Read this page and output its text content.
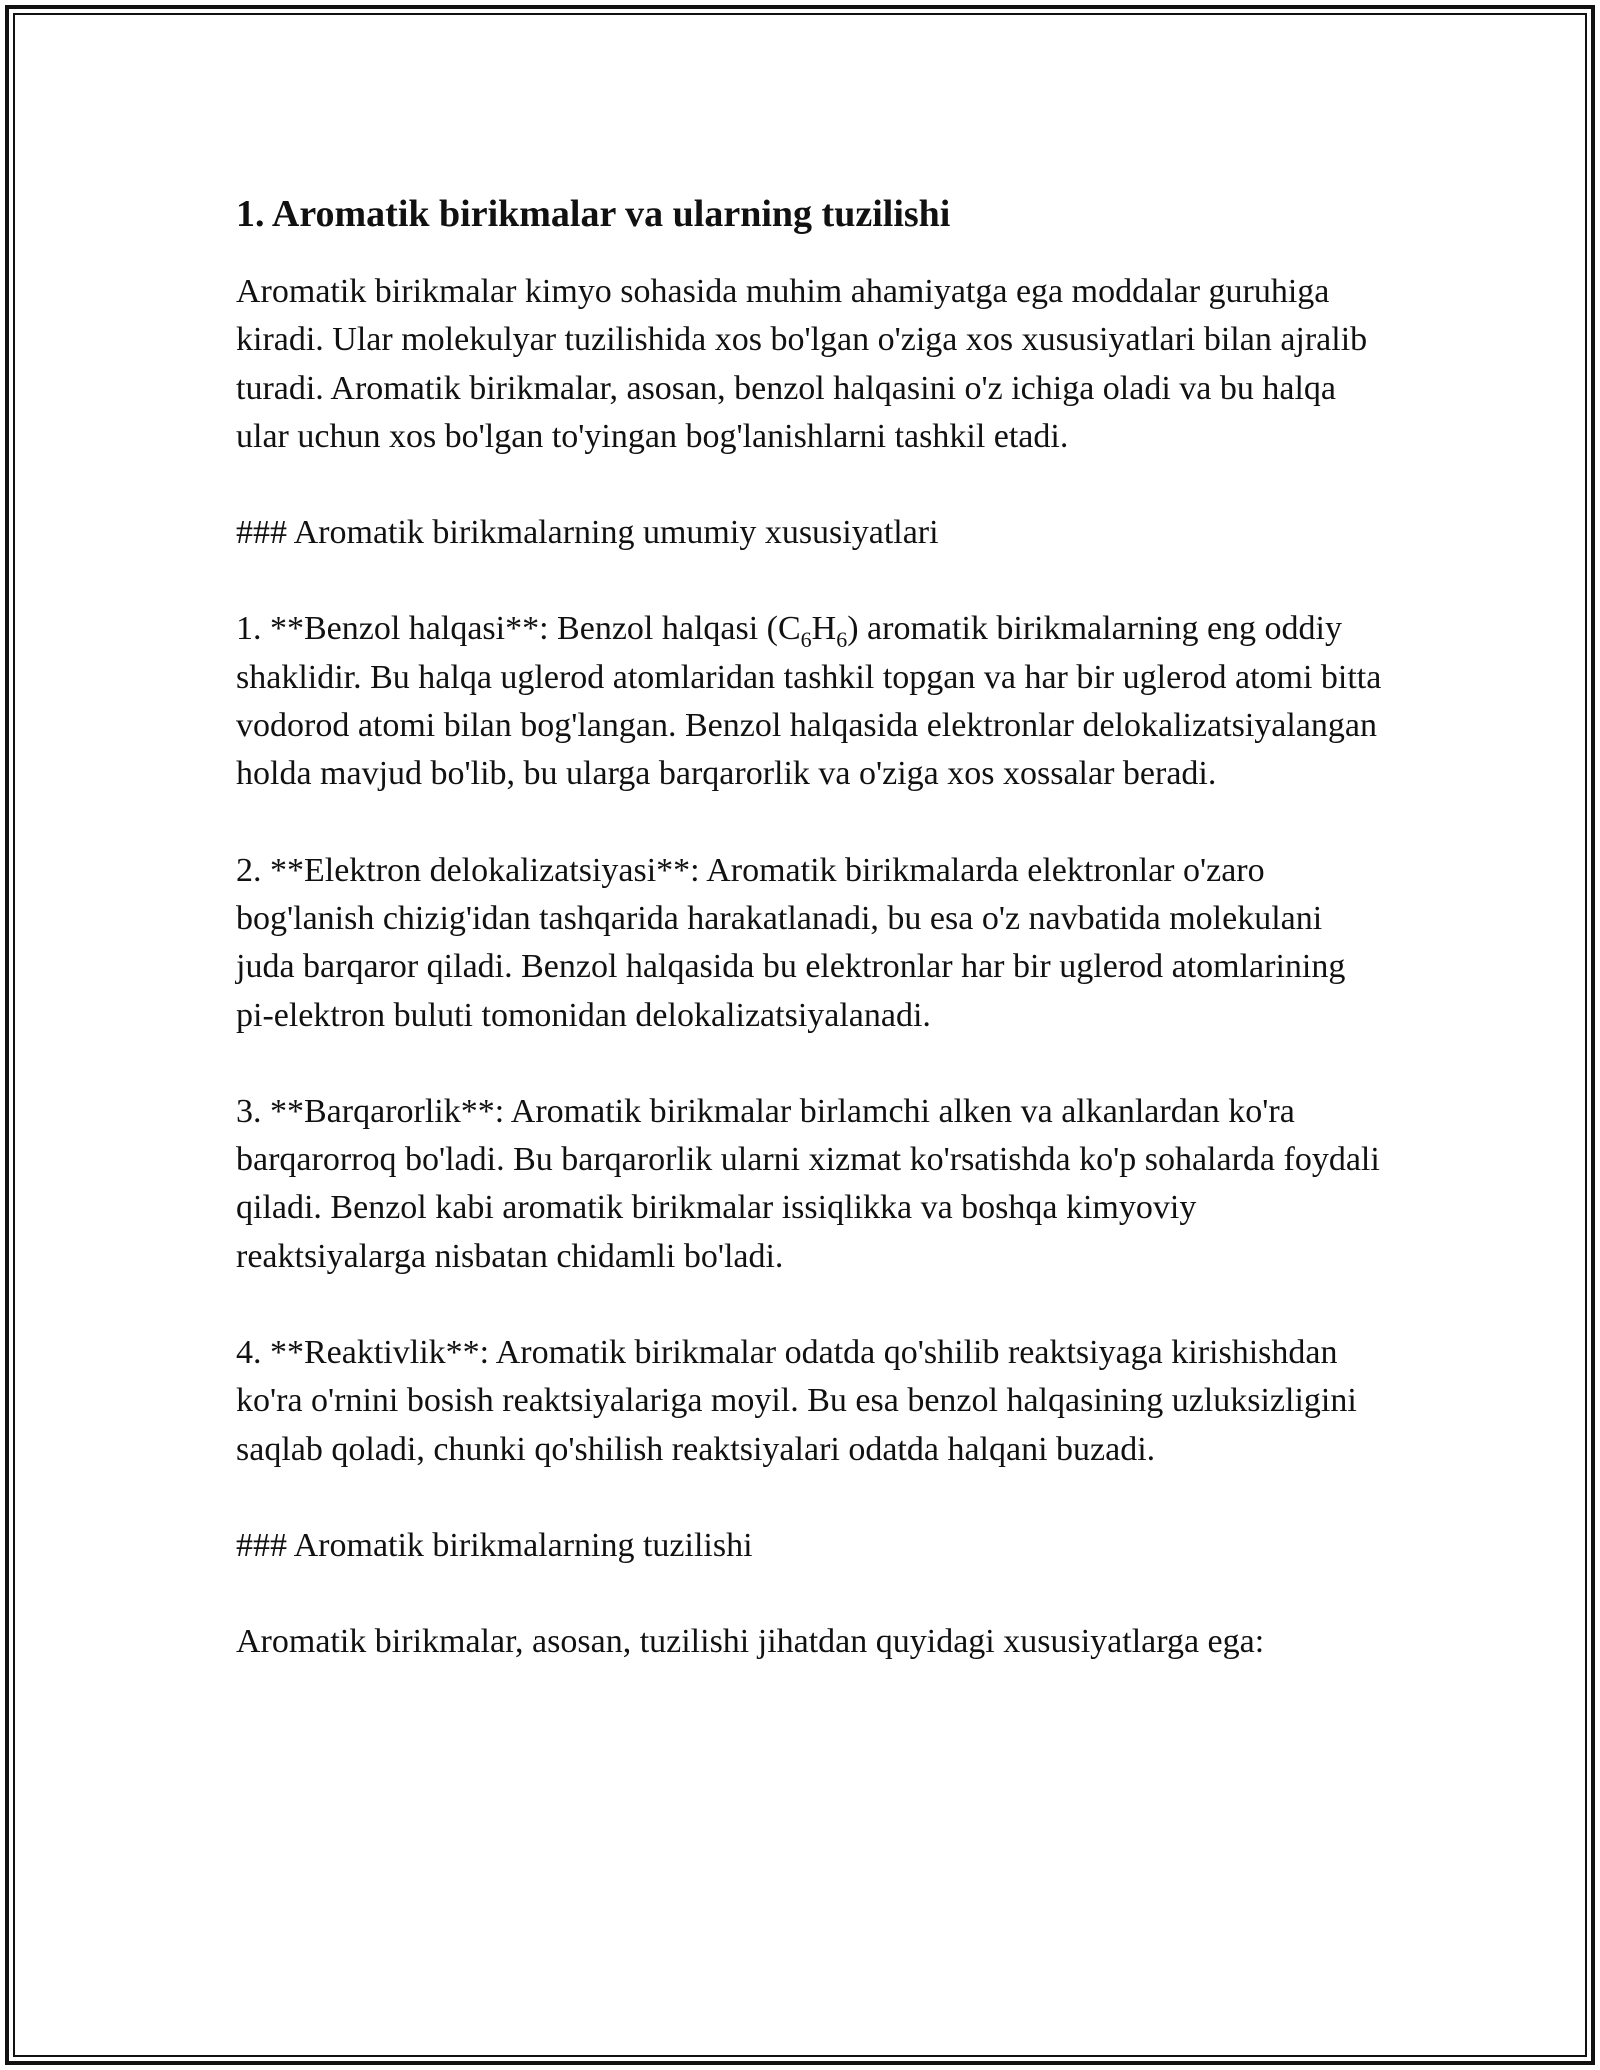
1. Aromatik birikmalar va ularning tuzilishi

Aromatik birikmalar kimyo sohasida muhim ahamiyatga ega moddalar guruhiga kiradi. Ular molekulyar tuzilishida xos bo'lgan o'ziga xos xususiyatlari bilan ajralib turadi. Aromatik birikmalar, asosan, benzol halqasini o'z ichiga oladi va bu halqa ular uchun xos bo'lgan to'yingan bog'lanishlarni tashkil etadi.

### Aromatik birikmalarning umumiy xususiyatlari

1. **Benzol halqasi**: Benzol halqasi $(C_6H_6)$ aromatik birikmalarning eng oddiy shaklidir. Bu halqa uglerod atomlaridan tashkil topgan va har bir uglerod atomi bitta vodorod atomi bilan bog'langan. Benzol halqasida elektronlar delokalizatsiyalangan holda mavjud bo'lib, bu ularga barqarorlik va o'ziga xos xossalar beradi.

2. **Elektron delokalizatsiyasi**: Aromatik birikmalarda elektronlar o'zaro bog'lanish chizig'idan tashqarida harakatlanadi, bu esa o'z navbatida molekulani juda barqaror qiladi. Benzol halqasida bu elektronlar har bir uglerod atomlarining pi-elektron buluti tomonidan delokalizatsiyalanadi.

3. **Barqarorlik**: Aromatik birikmalar birlamchi alken va alkanlardan ko'ra barqarorroq bo'ladi. Bu barqarorlik ularni xizmat ko'rsatishda ko'p sohalarda foydali qiladi. Benzol kabi aromatik birikmalar issiqlikka va boshqa kimyoviy reaktsiyalarga nisbatan chidamli bo'ladi.

4. **Reaktivlik**: Aromatik birikmalar odatda qo'shilib reaktsiyaga kirishishdan ko'ra o'rnini bosish reaktsiyalariga moyil. Bu esa benzol halqasining uzluksizligini saqlab qoladi, chunki qo'shilish reaktsiyalari odatda halqani buzadi.

### Aromatik birikmalarning tuzilishi

Aromatik birikmalar, asosan, tuzilishi jihatdan quyidagi xususiyatlarga ega:
